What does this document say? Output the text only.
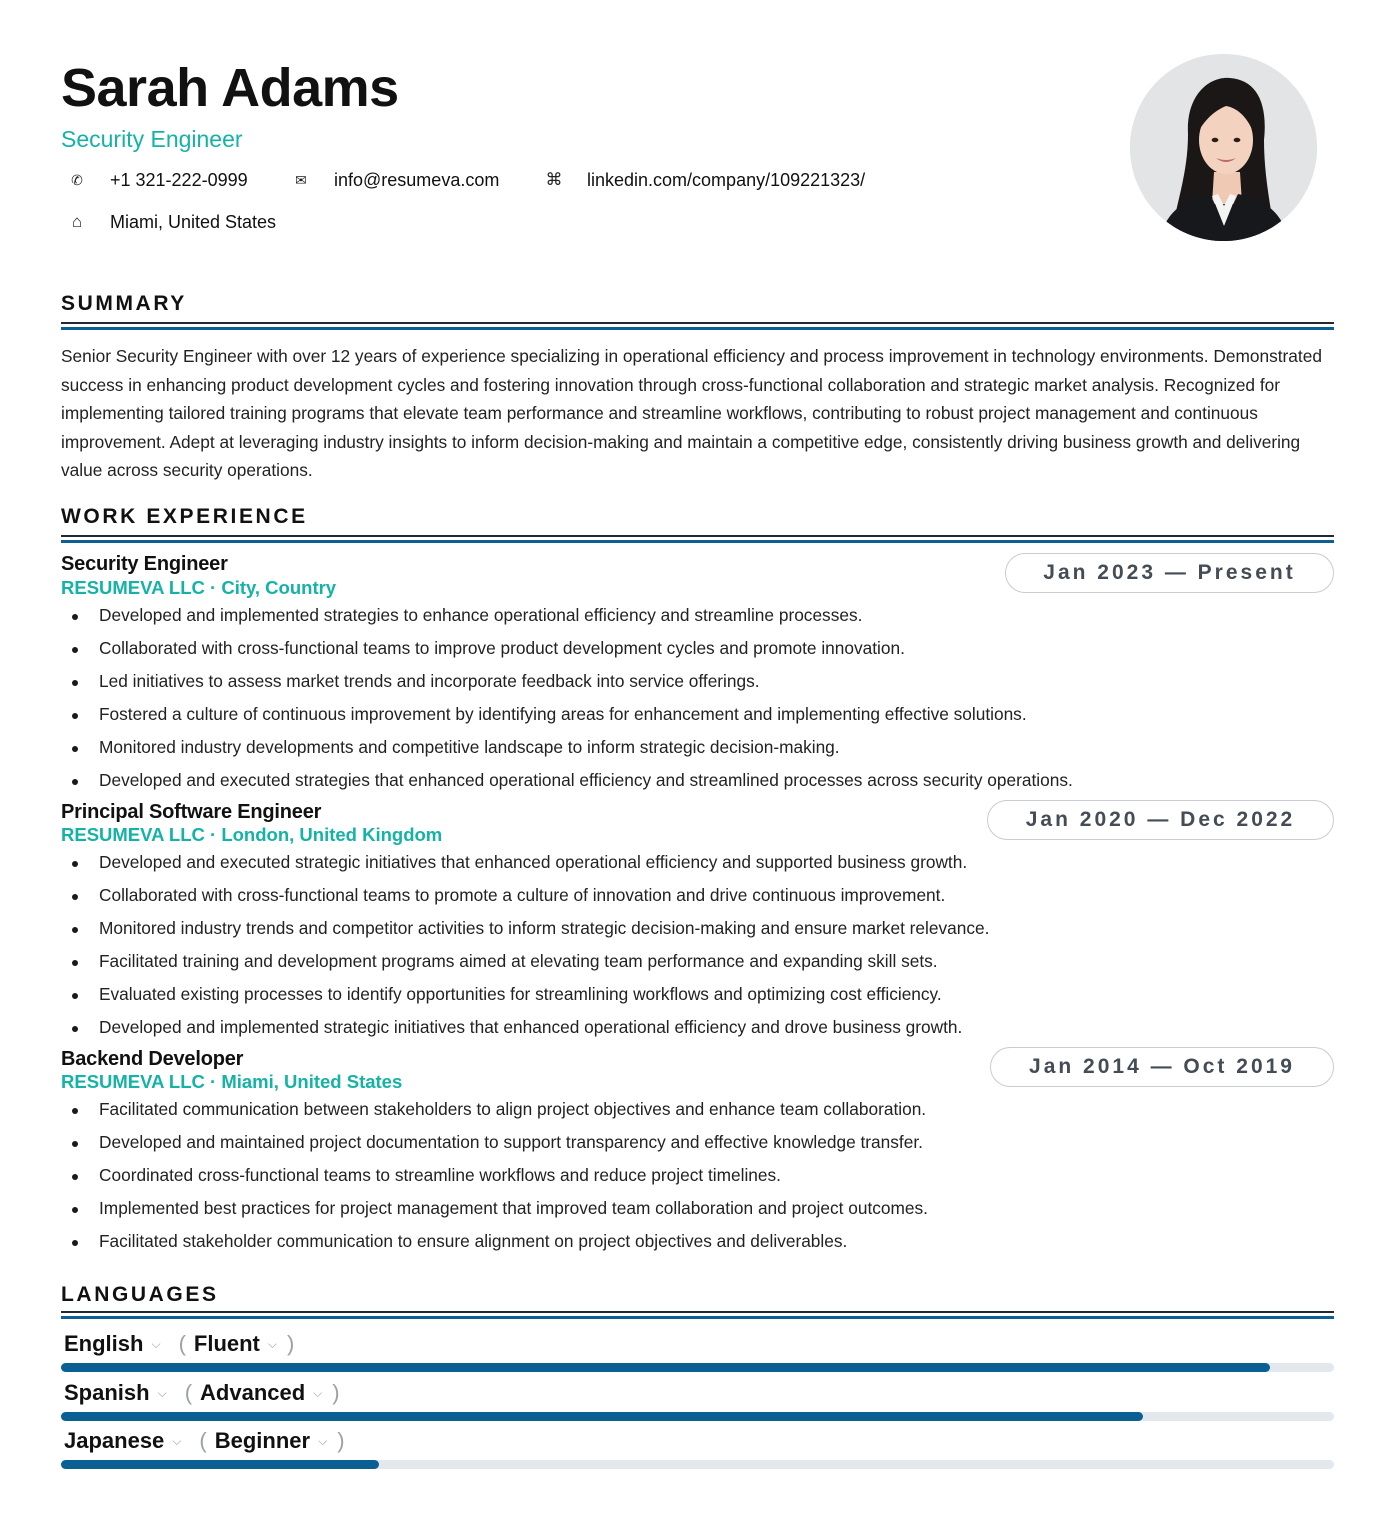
Sarah Adams
Security Engineer
✆	+1 321-222-0999	✉	info@resumeva.com	⌘ linkedin.com/company/109221323/
⌂	Miami, United States
SUMMARY

Senior Security Engineer with over 12 years of experience specializing in operational efficiency and process improvement in technology environments. Demonstrated success in enhancing product development cycles and fostering innovation through cross-functional collaboration and strategic market analysis. Recognized for implementing tailored training programs that elevate team performance and streamline workflows, contributing to robust project management and continuous improvement. Adept at leveraging industry insights to inform decision-making and maintain a competitive edge, consistently driving business growth and delivering value across security operations.

WORK EXPERIENCE
Security Engineer
RESUMEVA LLC · City, Country
Jan 2023 — Present
Developed and implemented strategies to enhance operational efficiency and streamline processes.
Collaborated with cross-functional teams to improve product development cycles and promote innovation.
Led initiatives to assess market trends and incorporate feedback into service offerings.
Fostered a culture of continuous improvement by identifying areas for enhancement and implementing effective solutions.
Monitored industry developments and competitive landscape to inform strategic decision-making.
Developed and executed strategies that enhanced operational efficiency and streamlined processes across security operations.
Principal Software Engineer
RESUMEVA LLC · London, United Kingdom
Jan 2020 — Dec 2022
Developed and executed strategic initiatives that enhanced operational efficiency and supported business growth.
Collaborated with cross-functional teams to promote a culture of innovation and drive continuous improvement.
Monitored industry trends and competitor activities to inform strategic decision-making and ensure market relevance.
Facilitated training and development programs aimed at elevating team performance and expanding skill sets.
Evaluated existing processes to identify opportunities for streamlining workflows and optimizing cost efficiency.
Developed and implemented strategic initiatives that enhanced operational efficiency and drove business growth.
Backend Developer
RESUMEVA LLC · Miami, United States
Jan 2014 — Oct 2019
Facilitated communication between stakeholders to align project objectives and enhance team collaboration.
Developed and maintained project documentation to support transparency and effective knowledge transfer.
Coordinated cross-functional teams to streamline workflows and reduce project timelines.
Implemented best practices for project management that improved team collaboration and project outcomes.
Facilitated stakeholder communication to ensure alignment on project objectives and deliverables.
LANGUAGES
English ⌵ ( Fluent ⌵ )
Spanish ⌵ ( Advanced ⌵ )
Japanese ⌵ ( Beginner ⌵ )
